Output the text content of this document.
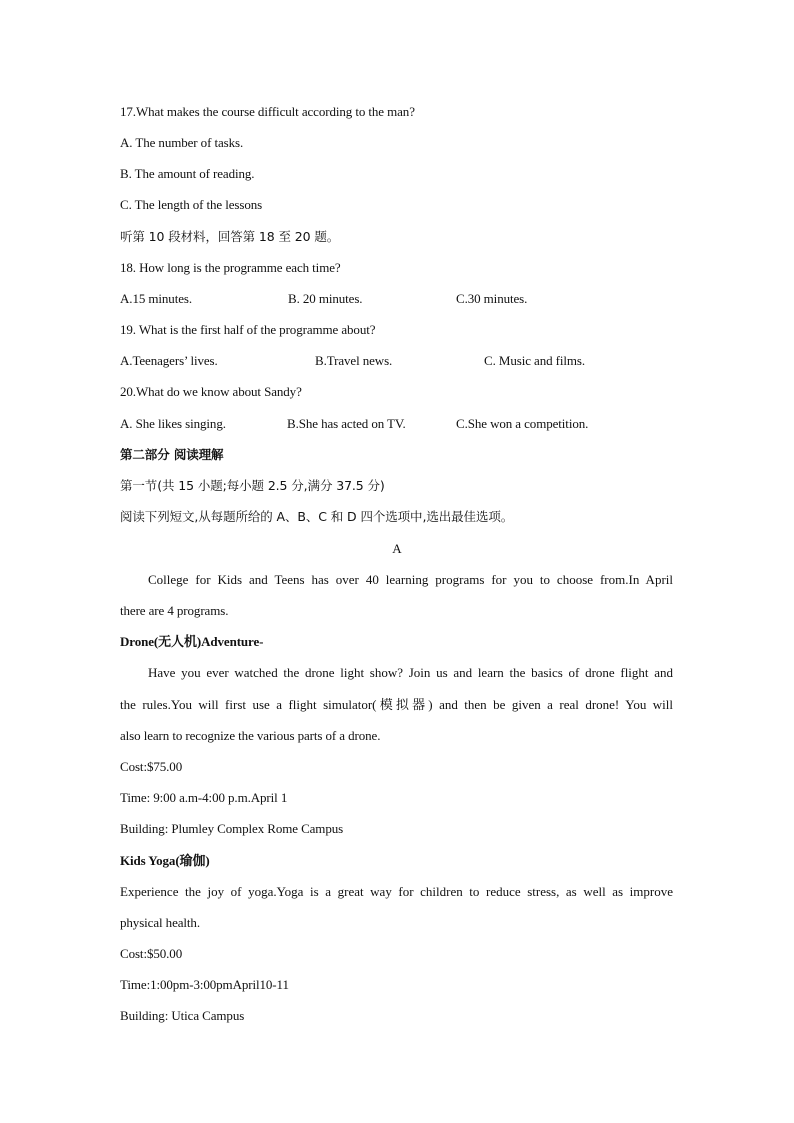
17.What makes the course difficult according to the man?
A. The number of tasks.
B. The amount of reading.
C. The length of the lessons
听第 10 段材料，回答第 18 至 20 题。
18. How long is the programme each time?
A.15 minutes.	B. 20 minutes.	C.30 minutes.
19. What is the first half of the programme about?
A.Teenagers’ lives.	B.Travel news.	C. Music and films.
20.What do we know about Sandy?
A. She likes singing.	B.She has acted on TV.	C.She won a competition.
第二部分 阅读理解
第一节(共 15 小题;每小题 2.5 分,满分 37.5 分)
阅读下列短文,从每题所给的 A、B、C 和 D 四个选项中,选出最佳选项。
A
College for Kids and Teens has over 40 learning programs for you to choose from.In April
there are 4 programs.
Drone(无人机)Adventure-
Have you ever watched the drone light show? Join us and learn the basics of drone flight and
the rules.You will first use a flight simulator(模拟器) and then be given a real drone! You will
also learn to recognize the various parts of a drone.
Cost:$75.00
Time: 9:00 a.m-4:00 p.m.April 1
Building: Plumley Complex Rome Campus
Kids Yoga(瑜伽)
Experience the joy of yoga.Yoga is a great way for children to reduce stress, as well as improve
physical health.
Cost:$50.00
Time:1:00pm-3:00pmApril10-11
Building: Utica Campus
